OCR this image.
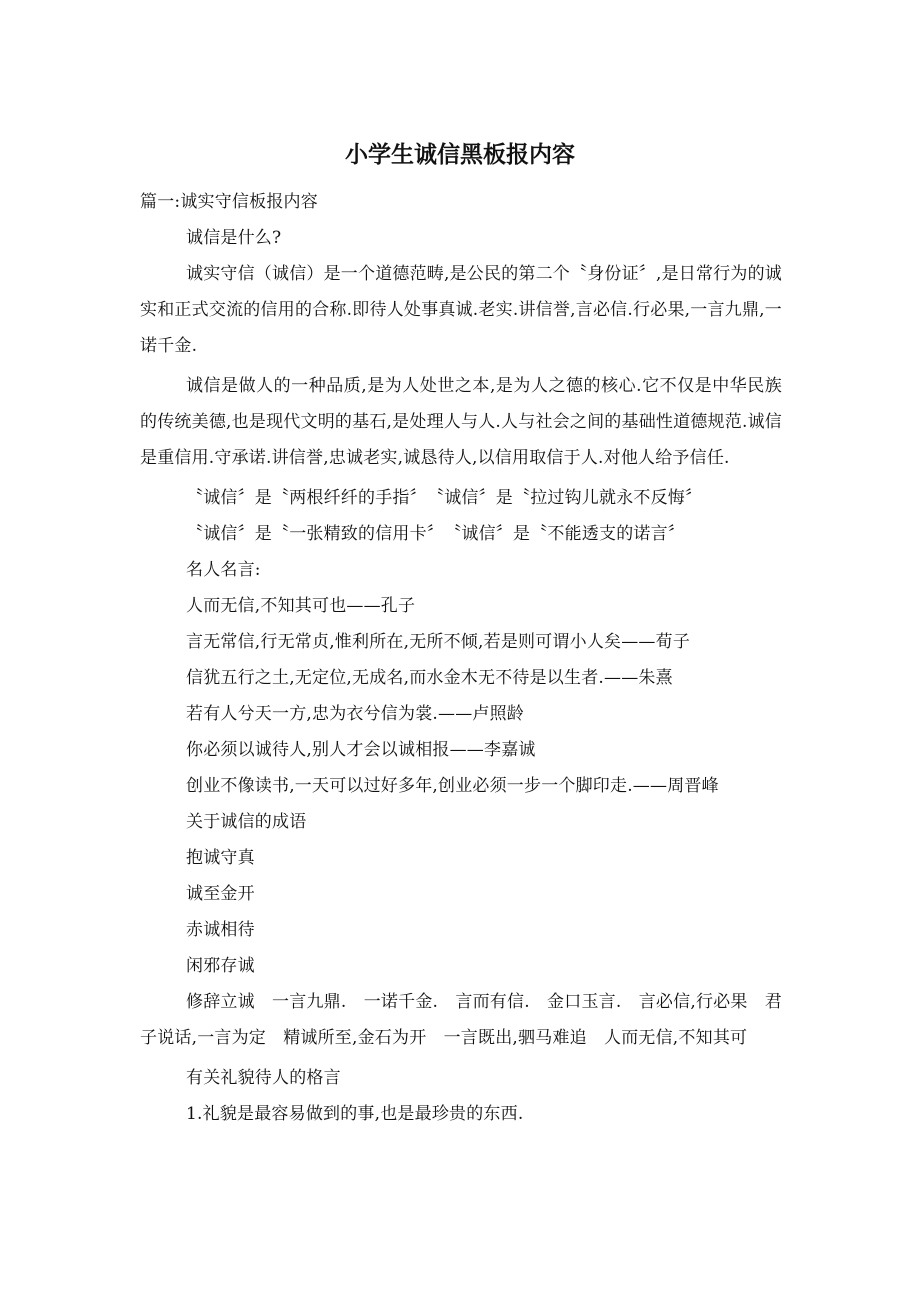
小学生诚信黑板报内容

篇一:诚实守信板报内容

诚信是什么?

诚实守信（诚信）是一个道德范畴,是公民的第二个〝身份证〞,是日常行为的诚实和正式交流的信用的合称.即待人处事真诚.老实.讲信誉,言必信.行必果,一言九鼎,一诺千金.

诚信是做人的一种品质,是为人处世之本,是为人之德的核心.它不仅是中华民族的传统美德,也是现代文明的基石,是处理人与人.人与社会之间的基础性道德规范.诚信是重信用.守承诺.讲信誉,忠诚老实,诚恳待人,以信用取信于人.对他人给予信任.

〝诚信〞是〝两根纤纤的手指〞　〝诚信〞是〝拉过钩儿就永不反悔〞

〝诚信〞是〝一张精致的信用卡〞　〝诚信〞是〝不能透支的诺言〞

名人名言:

人而无信,不知其可也——孔子

言无常信,行无常贞,惟利所在,无所不倾,若是则可谓小人矣——荀子

信犹五行之土,无定位,无成名,而水金木无不待是以生者.——朱熹

若有人兮天一方,忠为衣兮信为裳.——卢照龄

你必须以诚待人,别人才会以诚相报——李嘉诚

创业不像读书,一天可以过好多年,创业必须一步一个脚印走.——周晋峰

关于诚信的成语

抱诚守真

诚至金开

赤诚相待

闲邪存诚

修辞立诚　一言九鼎.　一诺千金.　言而有信.　金口玉言.　言必信,行必果　君子说话,一言为定　精诚所至,金石为开　一言既出,驷马难追　人而无信,不知其可

有关礼貌待人的格言

1.礼貌是最容易做到的事,也是最珍贵的东西.
